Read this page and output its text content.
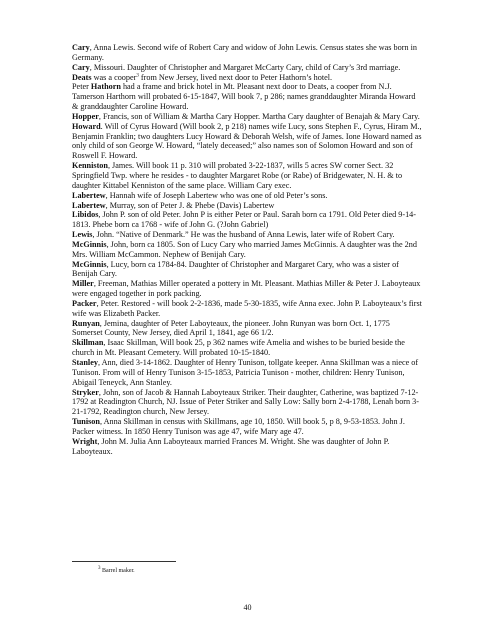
Cary, Anna Lewis. Second wife of Robert Cary and widow of John Lewis. Census states she was born in Germany.

Cary, Missouri. Daughter of Christopher and Margaret McCarty Cary, child of Cary’s 3rd marriage.

Deats was a cooper$^3$ from New Jersey, lived next door to Peter Hathorn’s hotel.

Peter Hathorn had a frame and brick hotel in Mt. Pleasant next door to Deats, a cooper from N.J. Tamerson Harthorn will probated 6-15-1847, Will book 7, p 286; names granddaughter Miranda Howard & granddaughter Caroline Howard.

Hopper, Francis, son of William & Martha Cary Hopper. Martha Cary daughter of Benajah & Mary Cary.

Howard. Will of Cyrus Howard (Will book 2, p 218) names wife Lucy, sons Stephen F., Cyrus, Hiram M., Benjamin Franklin; two daughters Lucy Howard & Deborah Welsh, wife of James. Ione Howard named as only child of son George W. Howard, “lately deceased;” also names son of Solomon Howard and son of Roswell F. Howard.

Kenniston, James. Will book 11 p. 310 will probated 3-22-1837, wills 5 acres SW corner Sect. 32 Springfield Twp. where he resides - to daughter Margaret Robe (or Rabe) of Bridgewater, N. H. & to daughter Kittabel Kenniston of the same place. William Cary exec.

Labertew, Hannah wife of Joseph Labertew who was one of old Peter’s sons.

Labertew, Murray, son of Peter J. & Phebe (Davis) Labertew

Libidos, John P. son of old Peter. John P is either Peter or Paul. Sarah born ca 1791. Old Peter died 9-14-1813. Phebe born ca 1768 - wife of John G. (?John Gabriel)

Lewis, John. “Native of Denmark.” He was the husband of Anna Lewis, later wife of Robert Cary.

McGinnis, John, born ca 1805. Son of Lucy Cary who married James McGinnis. A daughter was the 2nd Mrs. William McCammon. Nephew of Benijah Cary.

McGinnis, Lucy, born ca 1784-84. Daughter of Christopher and Margaret Cary, who was a sister of Benijah Cary.

Miller, Freeman, Mathias Miller operated a pottery in Mt. Pleasant. Mathias Miller & Peter J. Laboyteaux were engaged together in pork packing.

Packer, Peter. Restored - will book 2-2-1836, made 5-30-1835, wife Anna exec. John P. Laboyteaux’s first wife was Elizabeth Packer.

Runyan, Jemina, daughter of Peter Laboyteaux, the pioneer. John Runyan was born Oct. 1, 1775 Somerset County, New Jersey, died April 1, 1841, age 66 1/2.

Skillman, Isaac Skillman, Will book 25, p 362 names wife Amelia and wishes to be buried beside the church in Mt. Pleasant Cemetery. Will probated 10-15-1840.

Stanley, Ann, died 3-14-1862. Daughter of Henry Tunison, tollgate keeper. Anna Skillman was a niece of Tunison. From will of Henry Tunison 3-15-1853, Patricia Tunison - mother, children: Henry Tunison, Abigail Teneyck, Ann Stanley.

Stryker, John, son of Jacob & Hannah Laboyteaux Striker. Their daughter, Catherine, was baptized 7-12-1792 at Readington Church, NJ. Issue of Peter Striker and Sally Low: Sally born 2-4-1788, Lenah born 3-21-1792, Readington church, New Jersey.

Tunison, Anna Skillman in census with Skillmans, age 10, 1850. Will book 5, p 8, 9-53-1853. John J. Packer witness. In 1850 Henry Tunison was age 47, wife Mary age 47.

Wright, John M. Julia Ann Laboyteaux married Frances M. Wright. She was daughter of John P. Laboyteaux.

$^3$ Barrel maker.
40
